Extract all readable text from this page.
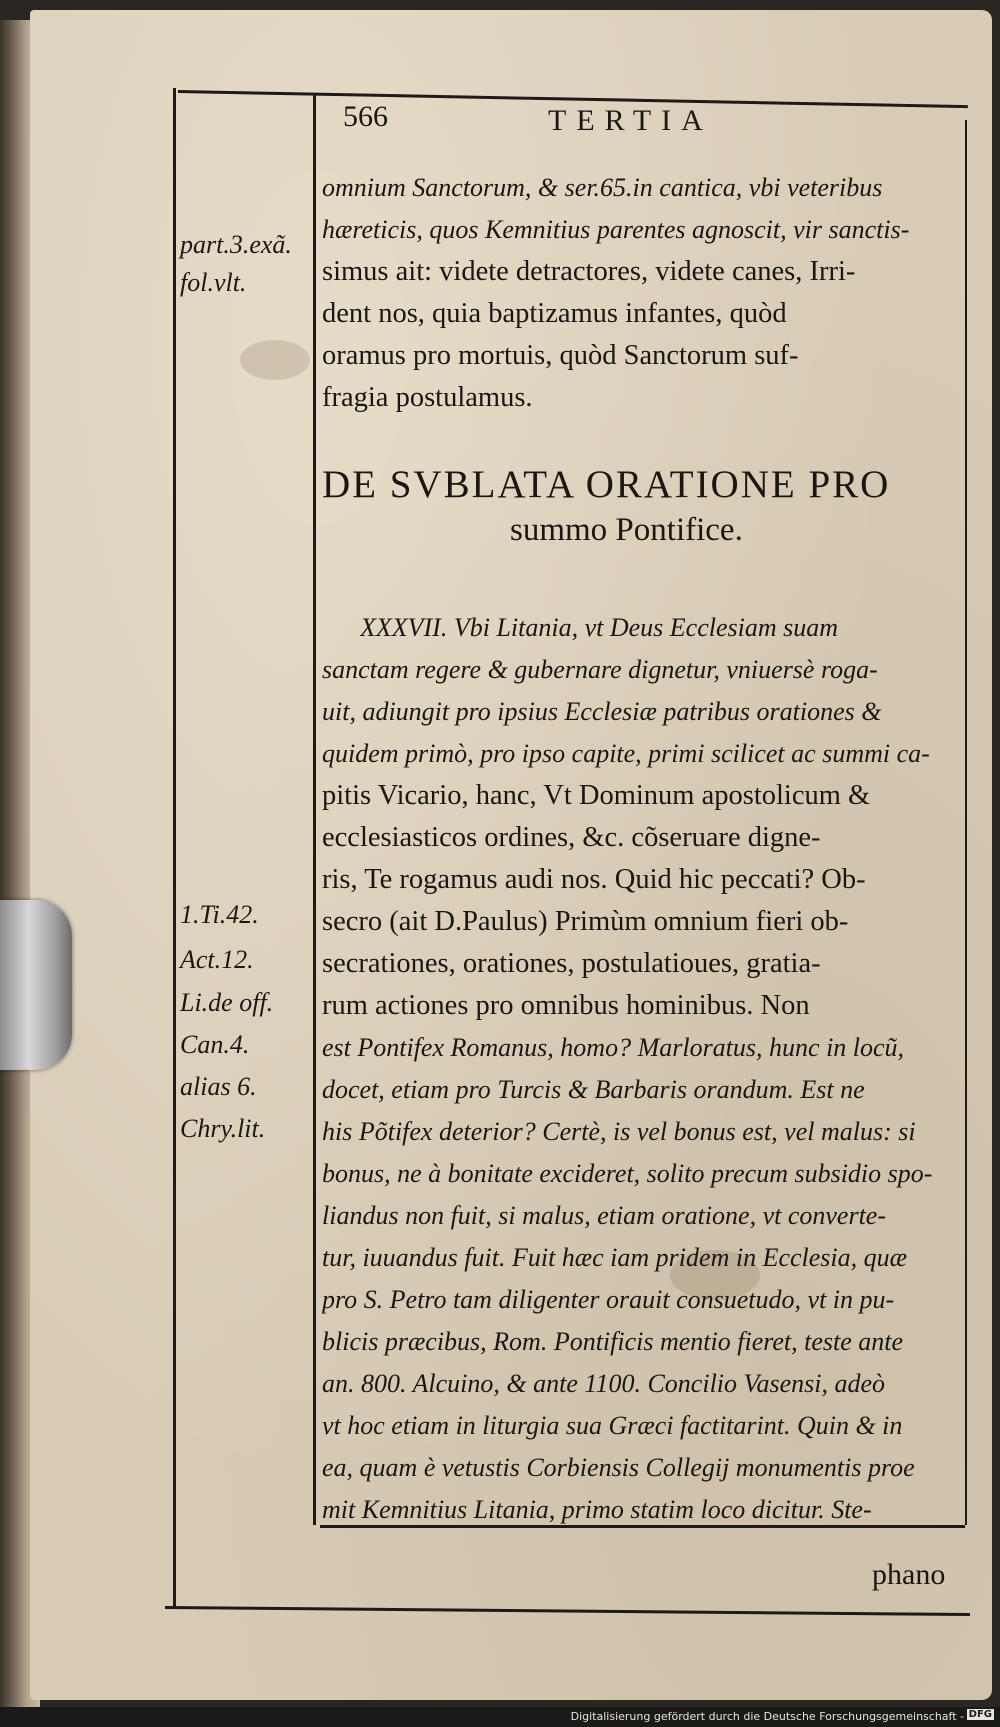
566	TERTIA
part.3.exã.
fol.vlt.
1.Ti.42.
Act.12.
Li.de off.
Can.4.
alias 6.
Chry.lit.
omnium Sanctorum, & ser.65.in cantica, vbi veteribus
hæreticis, quos Kemnitius parentes agnoscit, vir sanctis-
simus ait: videte detractores, videte canes, Irri-
dent nos, quia baptizamus infantes, quòd
oramus pro mortuis, quòd Sanctorum suf-
fragia postulamus.
DE SVBLATA ORATIONE PRO
summo Pontifice.
XXXVII. Vbi Litania, vt Deus Ecclesiam suam
sanctam regere & gubernare dignetur, vniuersè roga-
uit, adiungit pro ipsius Ecclesiæ patribus orationes &
quidem primò, pro ipso capite, primi scilicet ac summi ca-
pitis Vicario, hanc, Vt Dominum apostolicum &
ecclesiasticos ordines, &c. cõseruare digne-
ris, Te rogamus audi nos. Quid hic peccati? Ob-
secro (ait D.Paulus) Primùm omnium fieri ob-
secrationes, orationes, postulatioues, gratia-
rum actiones pro omnibus hominibus. Non
est Pontifex Romanus, homo? Marloratus, hunc in locũ,
docet, etiam pro Turcis & Barbaris orandum. Est ne
his Põtifex deterior? Certè, is vel bonus est, vel malus: si
bonus, ne à bonitate excideret, solito precum subsidio spo-
liandus non fuit, si malus, etiam oratione, vt converte-
tur, iuuandus fuit. Fuit hæc iam pridem in Ecclesia, quæ
pro S. Petro tam diligenter orauit consuetudo, vt in pu-
blicis præcibus, Rom. Pontificis mentio fieret, teste ante
an. 800. Alcuino, & ante 1100. Concilio Vasensi, adeò
vt hoc etiam in liturgia sua Græci factitarint. Quin & in
ea, quam è vetustis Corbiensis Collegij monumentis proe
mit Kemnitius Litania, primo statim loco dicitur. Ste-
phano
Digitalisierung gefördert durch die Deutsche Forschungsgemeinschaft - DFG
